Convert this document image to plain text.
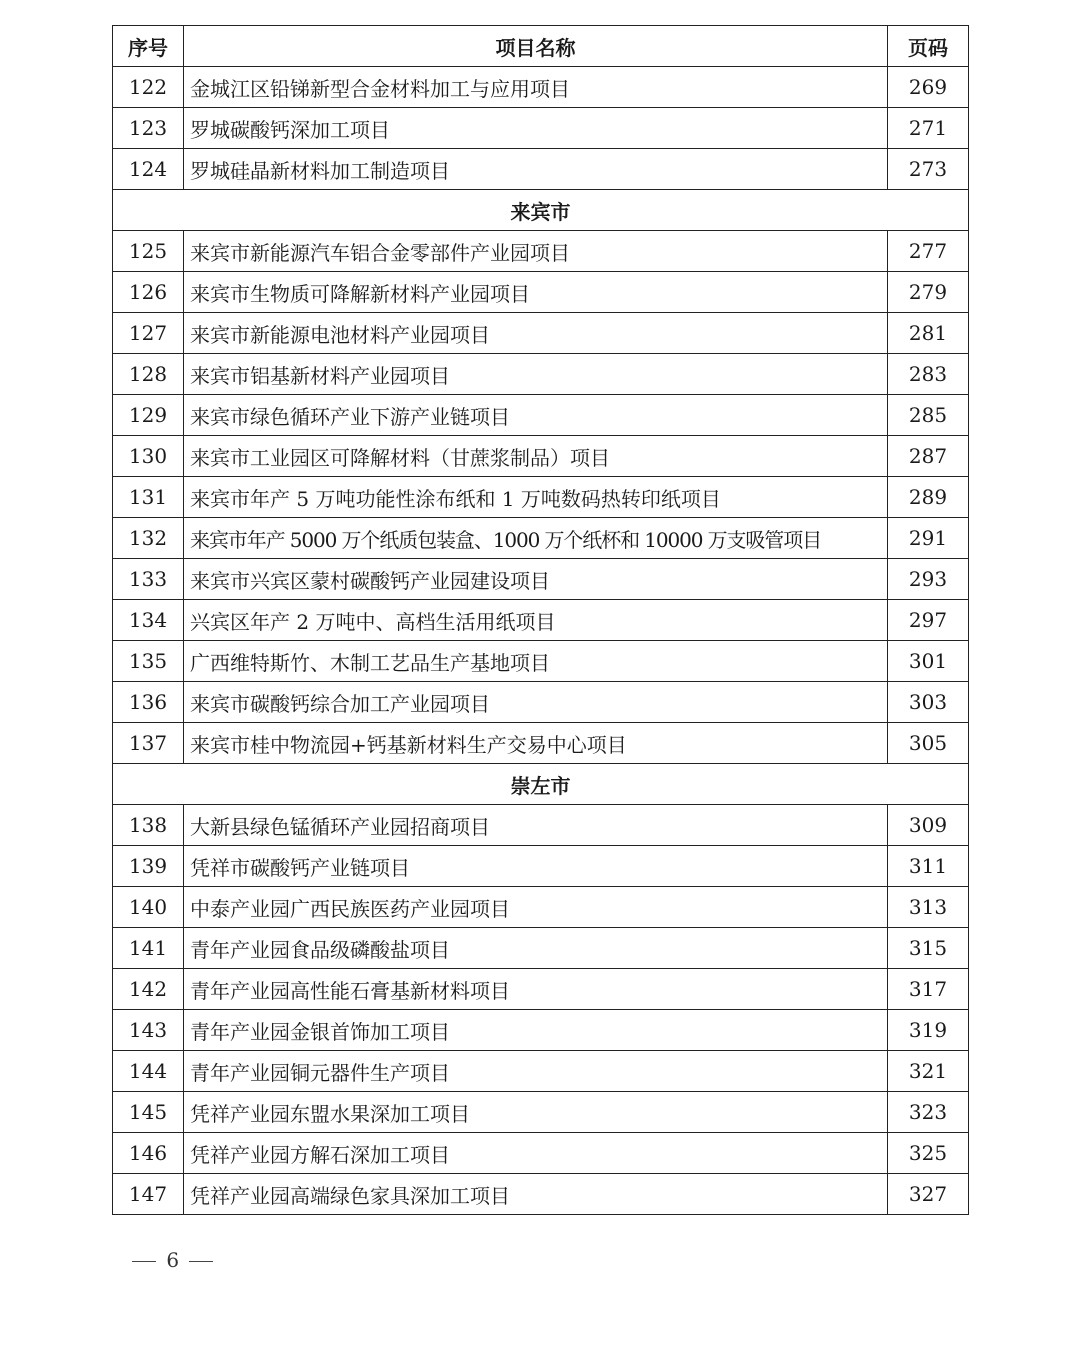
序号	项目名称	页码
122	金城江区铅锑新型合金材料加工与应用项目	269
123	罗城碳酸钙深加工项目	271
124	罗城硅晶新材料加工制造项目	273
来宾市		
125	来宾市新能源汽车铝合金零部件产业园项目	277
126	来宾市生物质可降解新材料产业园项目	279
127	来宾市新能源电池材料产业园项目	281
128	来宾市铝基新材料产业园项目	283
129	来宾市绿色循环产业下游产业链项目	285
130	来宾市工业园区可降解材料（甘蔗浆制品）项目	287
131	来宾市年产 5 万吨功能性涂布纸和 1 万吨数码热转印纸项目	289
132	来宾市年产 5000 万个纸质包装盒、1000 万个纸杯和 10000 万支吸管项目	291
133	来宾市兴宾区蒙村碳酸钙产业园建设项目	293
134	兴宾区年产 2 万吨中、高档生活用纸项目	297
135	广西维特斯竹、木制工艺品生产基地项目	301
136	来宾市碳酸钙综合加工产业园项目	303
137	来宾市桂中物流园+钙基新材料生产交易中心项目	305
崇左市		
138	大新县绿色锰循环产业园招商项目	309
139	凭祥市碳酸钙产业链项目	311
140	中泰产业园广西民族医药产业园项目	313
141	青年产业园食品级磷酸盐项目	315
142	青年产业园高性能石膏基新材料项目	317
143	青年产业园金银首饰加工项目	319
144	青年产业园铜元器件生产项目	321
145	凭祥产业园东盟水果深加工项目	323
146	凭祥产业园方解石深加工项目	325
147	凭祥产业园高端绿色家具深加工项目	327
6
